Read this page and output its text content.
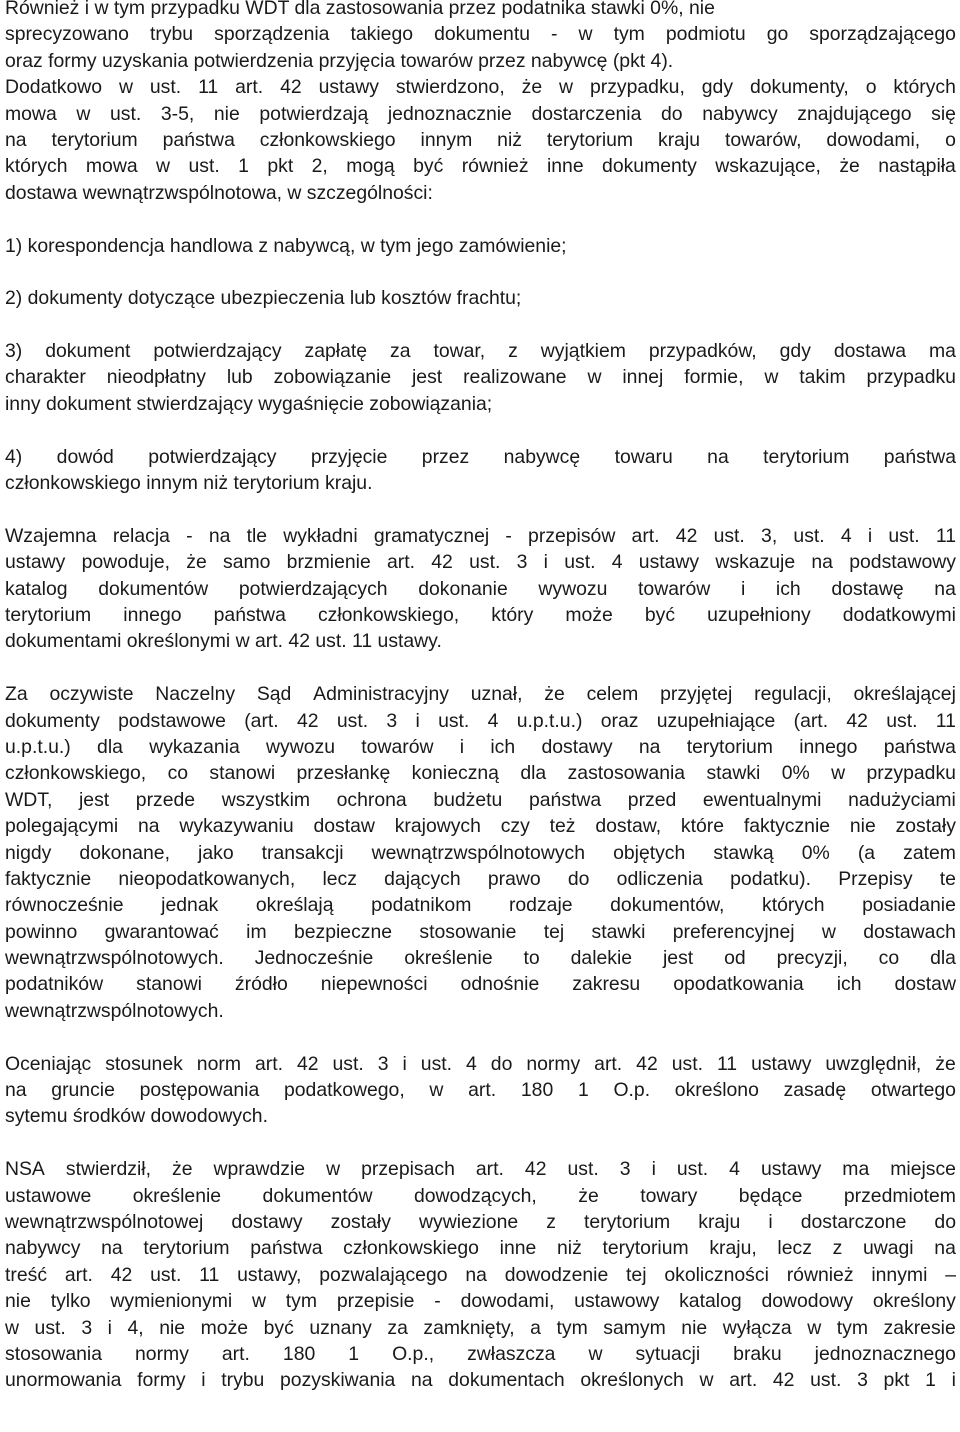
Również i w tym przypadku WDT dla zastosowania przez podatnika stawki 0%, nie
sprecyzowano trybu sporządzenia takiego dokumentu - w tym podmiotu go sporządzającego
oraz formy uzyskania potwierdzenia przyjęcia towarów przez nabywcę (pkt 4).
Dodatkowo w ust. 11 art. 42 ustawy stwierdzono, że w przypadku, gdy dokumenty, o których
mowa w ust. 3-5, nie potwierdzają jednoznacznie dostarczenia do nabywcy znajdującego się
na terytorium państwa członkowskiego innym niż terytorium kraju towarów, dowodami, o
których mowa w ust. 1 pkt 2, mogą być również inne dokumenty wskazujące, że nastąpiła
dostawa wewnątrzwspólnotowa, w szczególności:
1) korespondencja handlowa z nabywcą, w tym jego zamówienie;
2) dokumenty dotyczące ubezpieczenia lub kosztów frachtu;
3) dokument potwierdzający zapłatę za towar, z wyjątkiem przypadków, gdy dostawa ma
charakter nieodpłatny lub zobowiązanie jest realizowane w innej formie, w takim przypadku
inny dokument stwierdzający wygaśnięcie zobowiązania;
4) dowód potwierdzający przyjęcie przez nabywcę towaru na terytorium państwa
członkowskiego innym niż terytorium kraju.
Wzajemna relacja - na tle wykładni gramatycznej - przepisów art. 42 ust. 3, ust. 4 i ust. 11
ustawy powoduje, że samo brzmienie art. 42 ust. 3 i ust. 4 ustawy wskazuje na podstawowy
katalog dokumentów potwierdzających dokonanie wywozu towarów i ich dostawę na
terytorium innego państwa członkowskiego, który może być uzupełniony dodatkowymi
dokumentami określonymi w art. 42 ust. 11 ustawy.
Za oczywiste Naczelny Sąd Administracyjny uznał, że celem przyjętej regulacji, określającej
dokumenty podstawowe (art. 42 ust. 3 i ust. 4 u.p.t.u.) oraz uzupełniające (art. 42 ust. 11
u.p.t.u.) dla wykazania wywozu towarów i ich dostawy na terytorium innego państwa
członkowskiego, co stanowi przesłankę konieczną dla zastosowania stawki 0% w przypadku
WDT, jest przede wszystkim ochrona budżetu państwa przed ewentualnymi nadużyciami
polegającymi na wykazywaniu dostaw krajowych czy też dostaw, które faktycznie nie zostały
nigdy dokonane, jako transakcji wewnątrzwspólnotowych objętych stawką 0% (a zatem
faktycznie nieopodatkowanych, lecz dających prawo do odliczenia podatku). Przepisy te
równocześnie jednak określają podatnikom rodzaje dokumentów, których posiadanie
powinno gwarantować im bezpieczne stosowanie tej stawki preferencyjnej w dostawach
wewnątrzwspólnotowych. Jednocześnie określenie to dalekie jest od precyzji, co dla
podatników stanowi źródło niepewności odnośnie zakresu opodatkowania ich dostaw
wewnątrzwspólnotowych.
Oceniając stosunek norm art. 42 ust. 3 i ust. 4 do normy art. 42 ust. 11 ustawy uwzględnił, że
na gruncie postępowania podatkowego, w art. 180 1 O.p. określono zasadę otwartego
sytemu środków dowodowych.
NSA stwierdził, że wprawdzie w przepisach art. 42 ust. 3 i ust. 4 ustawy ma miejsce
ustawowe określenie dokumentów dowodzących, że towary będące przedmiotem
wewnątrzwspólnotowej dostawy zostały wywiezione z terytorium kraju i dostarczone do
nabywcy na terytorium państwa członkowskiego inne niż terytorium kraju, lecz z uwagi na
treść art. 42 ust. 11 ustawy, pozwalającego na dowodzenie tej okoliczności również innymi –
nie tylko wymienionymi w tym przepisie - dowodami, ustawowy katalog dowodowy określony
w ust. 3 i 4, nie może być uznany za zamknięty, a tym samym nie wyłącza w tym zakresie
stosowania normy art. 180 1 O.p., zwłaszcza w sytuacji braku jednoznacznego
unormowania formy i trybu pozyskiwania na dokumentach określonych w art. 42 ust. 3 pkt 1 i
